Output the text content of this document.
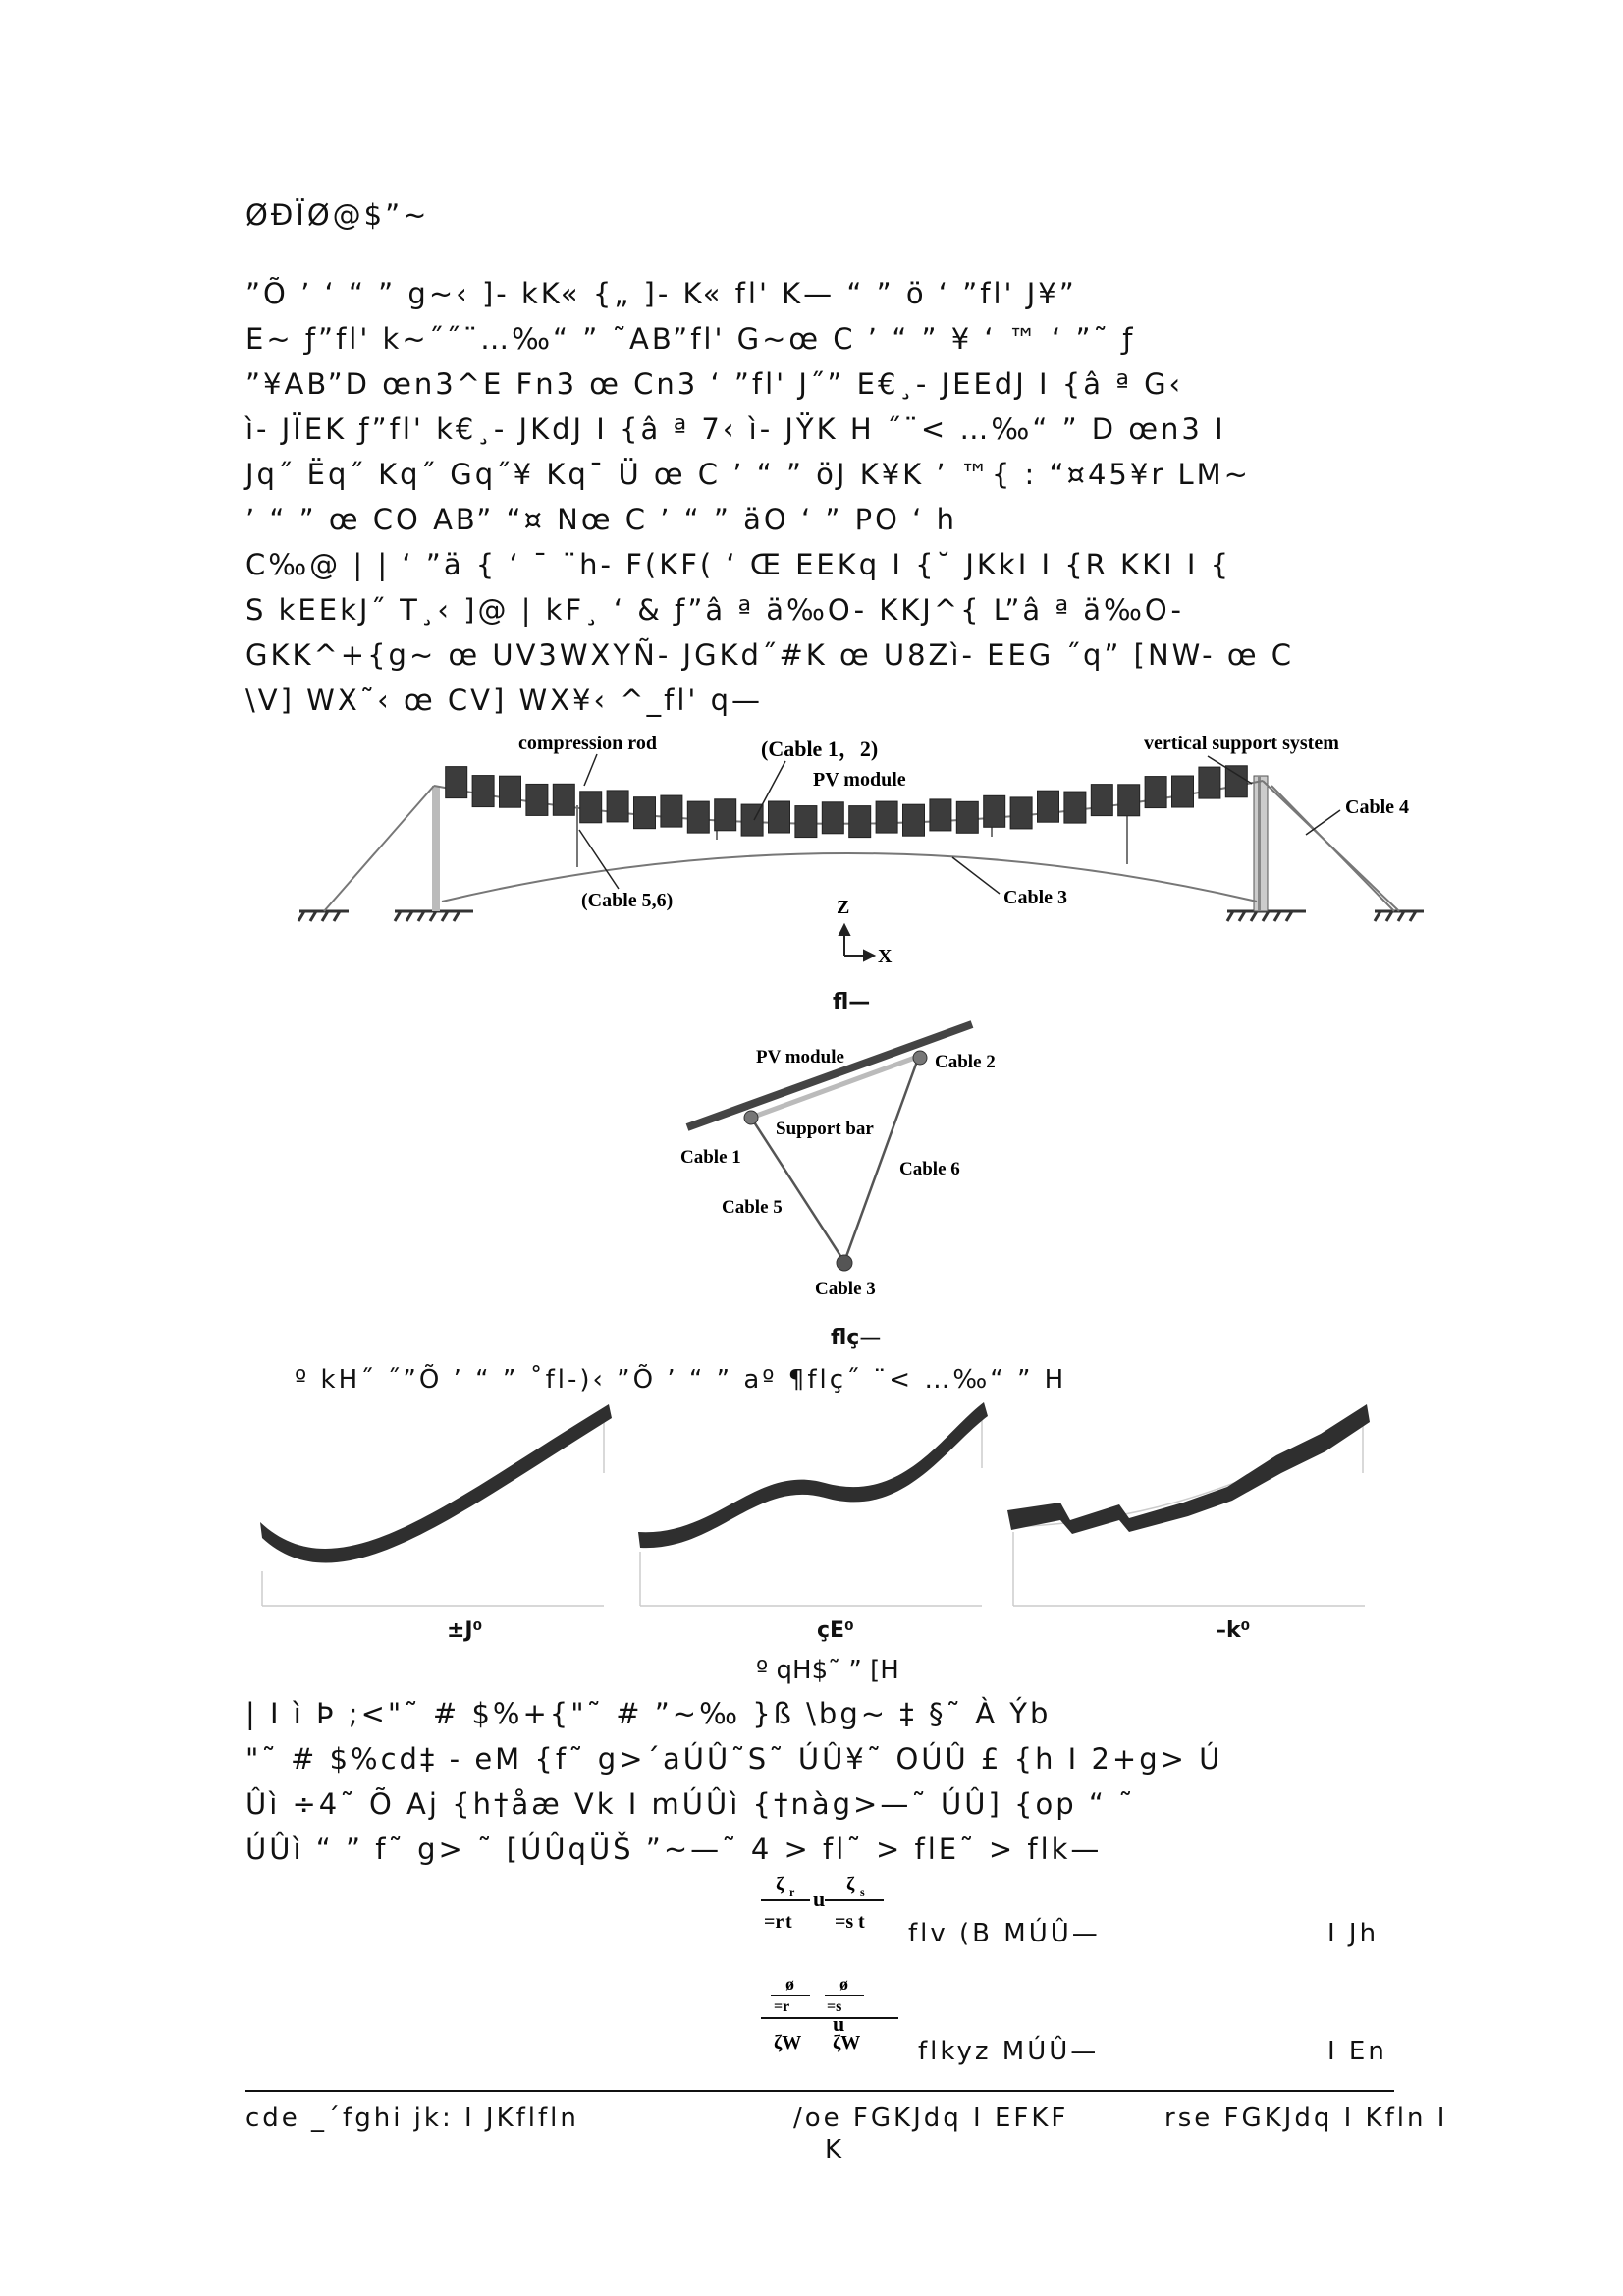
ØÐÏØ@$”~
”Õ ’ ‘ “ ” g~‹ ]- kK« {„ ]- K« fl' K— “ ” ö ‘ ”fl' J¥”
E~ ƒ”fl' k~˝˝¨…‰“ ” ˜AB”fl' G~œ C ’ “ ” ¥ ‘ ™ ‘ ”˜ ƒ
”¥AB”D œn3^E Fn3 œ Cn3 ‘ ”fl' J˝” E€¸- JEEdJ I {â ª G‹
ì- JÏEK ƒ”fl' k€¸- JKdJ I {â ª 7‹ ì- JŸK H ˝¨< …‰“ ” D œn3 I
Jq˝ Ëq˝ Kq˝ Gq˝¥ Kq¯ Ü œ C ’ “ ” öJ K¥K ’ ™{ : “¤45¥r LM~
’ “ ” œ CO AB” “¤ Nœ C ’ “ ” äO ‘ ” PO ‘ h
C‰@ | | ‘ ”ä { ‘ ¯ ¨h- F(KF( ‘ Œ EEKq I {˘ JKkI I {R KKI I {
S kEEkJ˝ T¸‹ ]@ | kF¸ ‘ & ƒ”â ª ä‰O- KKJ^{ L”â ª ä‰O-
GKK^+{g~ œ UV3WXYÑ- JGKd˝#K œ U8Zì- EEG ˝q” [NW- œ C
\V] WX˜‹ œ CV] WX¥‹ ^_fl' q—
compression rod	(Cable 1，2)
PV module
vertical support system
Cable 4
(Cable 5,6)	Cable 3
Z
X
fl—
PV module	Cable 2
Support bar
Cable 1
Cable 6
Cable 5
Cable 3
flç—
º kH˝ ˝”Õ ’ “ ” ˚fl-)‹ ”Õ ’ “ ” aº ¶flç˝ ¨< …‰“ ” H
±J⁰	çE⁰	–k⁰
º qH$˜ ” [H
| I ì Þ ;<"˜ # $%+{"˜ # ”~‰ }ß \bg~ ‡ §˜ À Ýb
"˜ # $%cd‡ - eM {f˜ g>´aÚÛ˜S˜ ÚÛ¥˜ OÚÛ £ {h I 2+g> Ú
Ûì ÷4˜ Õ Aj {h†åæ Vk I mÚÛì {†nàg>—˜ ÚÛ] {op “ ˜
ÚÛì “ ” f˜ g> ˜ [ÚÛqÜŠ ”~—˜ 4 > fl˜ > flE˜ > flk—
ζ r u
ζ s
=r t =s t flv (B MÚÛ—	I Jh
ø
=r
ø
=s
u
ζW ζW flkyz MÚÛ—	I En
cde _´fghi jk: I JKflfln	/oe FGKJdq I EFKF
K
rse FGKJdq I Kfln I
